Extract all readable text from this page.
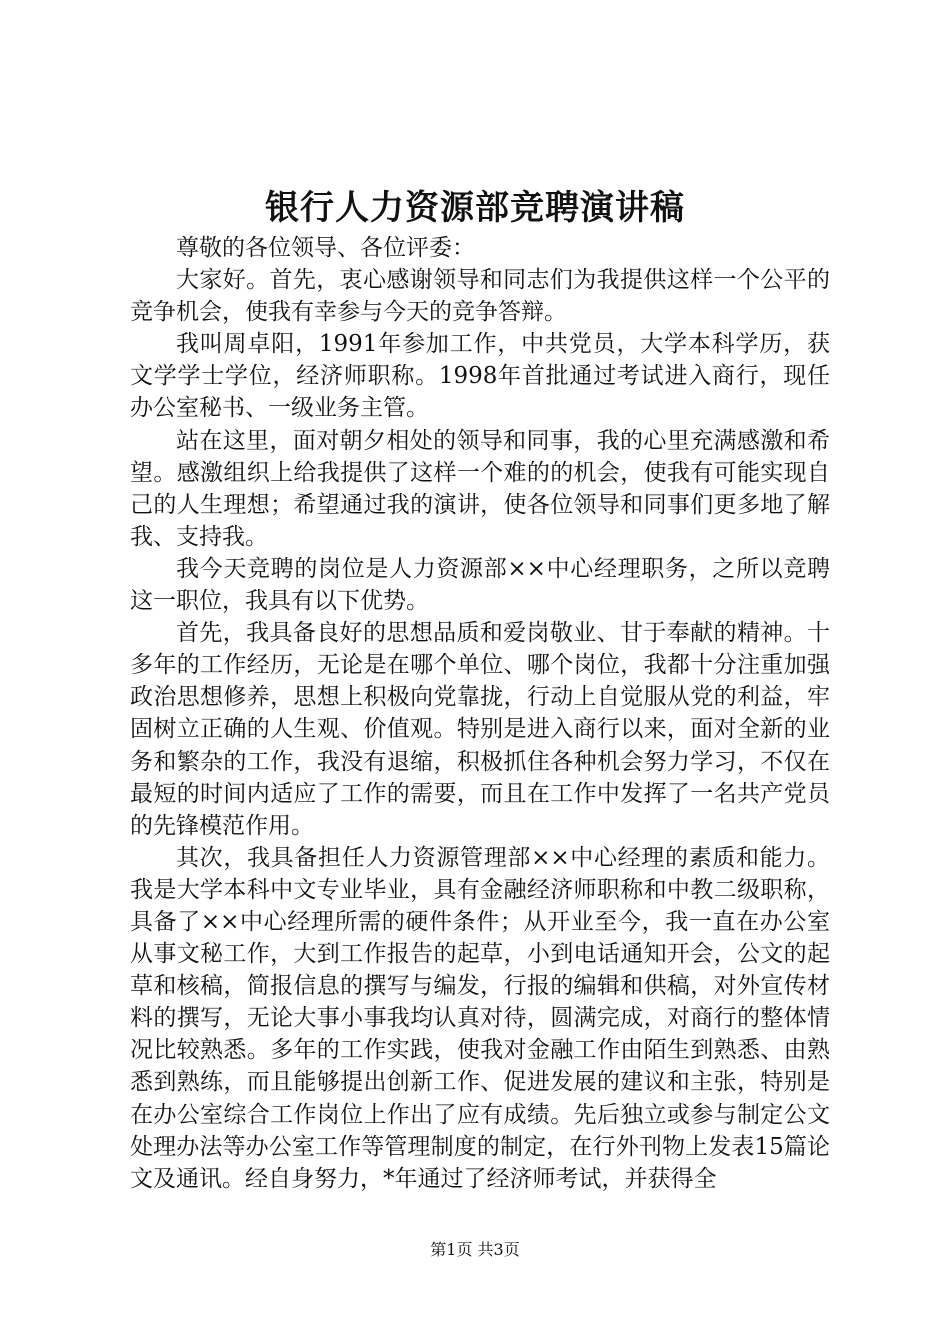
银行人力资源部竞聘演讲稿

尊敬的各位领导、各位评委：

大家好。首先，衷心感谢领导和同志们为我提供这样一个公平的竞争机会，使我有幸参与今天的竞争答辩。

我叫周卓阳，1991年参加工作，中共党员，大学本科学历，获文学学士学位，经济师职称。1998年首批通过考试进入商行，现任办公室秘书、一级业务主管。

站在这里，面对朝夕相处的领导和同事，我的心里充满感激和希望。感激组织上给我提供了这样一个难的的机会，使我有可能实现自己的人生理想；希望通过我的演讲，使各位领导和同事们更多地了解我、支持我。

我今天竞聘的岗位是人力资源部××中心经理职务，之所以竞聘这一职位，我具有以下优势。

首先，我具备良好的思想品质和爱岗敬业、甘于奉献的精神。十多年的工作经历，无论是在哪个单位、哪个岗位，我都十分注重加强政治思想修养，思想上积极向党靠拢，行动上自觉服从党的利益，牢固树立正确的人生观、价值观。特别是进入商行以来，面对全新的业务和繁杂的工作，我没有退缩，积极抓住各种机会努力学习，不仅在最短的时间内适应了工作的需要，而且在工作中发挥了一名共产党员的先锋模范作用。

其次，我具备担任人力资源管理部××中心经理的素质和能力。我是大学本科中文专业毕业，具有金融经济师职称和中教二级职称，具备了××中心经理所需的硬件条件；从开业至今，我一直在办公室从事文秘工作，大到工作报告的起草，小到电话通知开会，公文的起草和核稿，简报信息的撰写与编发，行报的编辑和供稿，对外宣传材料的撰写，无论大事小事我均认真对待，圆满完成，对商行的整体情况比较熟悉。多年的工作实践，使我对金融工作由陌生到熟悉、由熟悉到熟练，而且能够提出创新工作、促进发展的建议和主张，特别是在办公室综合工作岗位上作出了应有成绩。先后独立或参与制定公文处理办法等办公室工作等管理制度的制定，在行外刊物上发表15篇论文及通讯。经自身努力，*年通过了经济师考试，并获得全

第1页 共3页
